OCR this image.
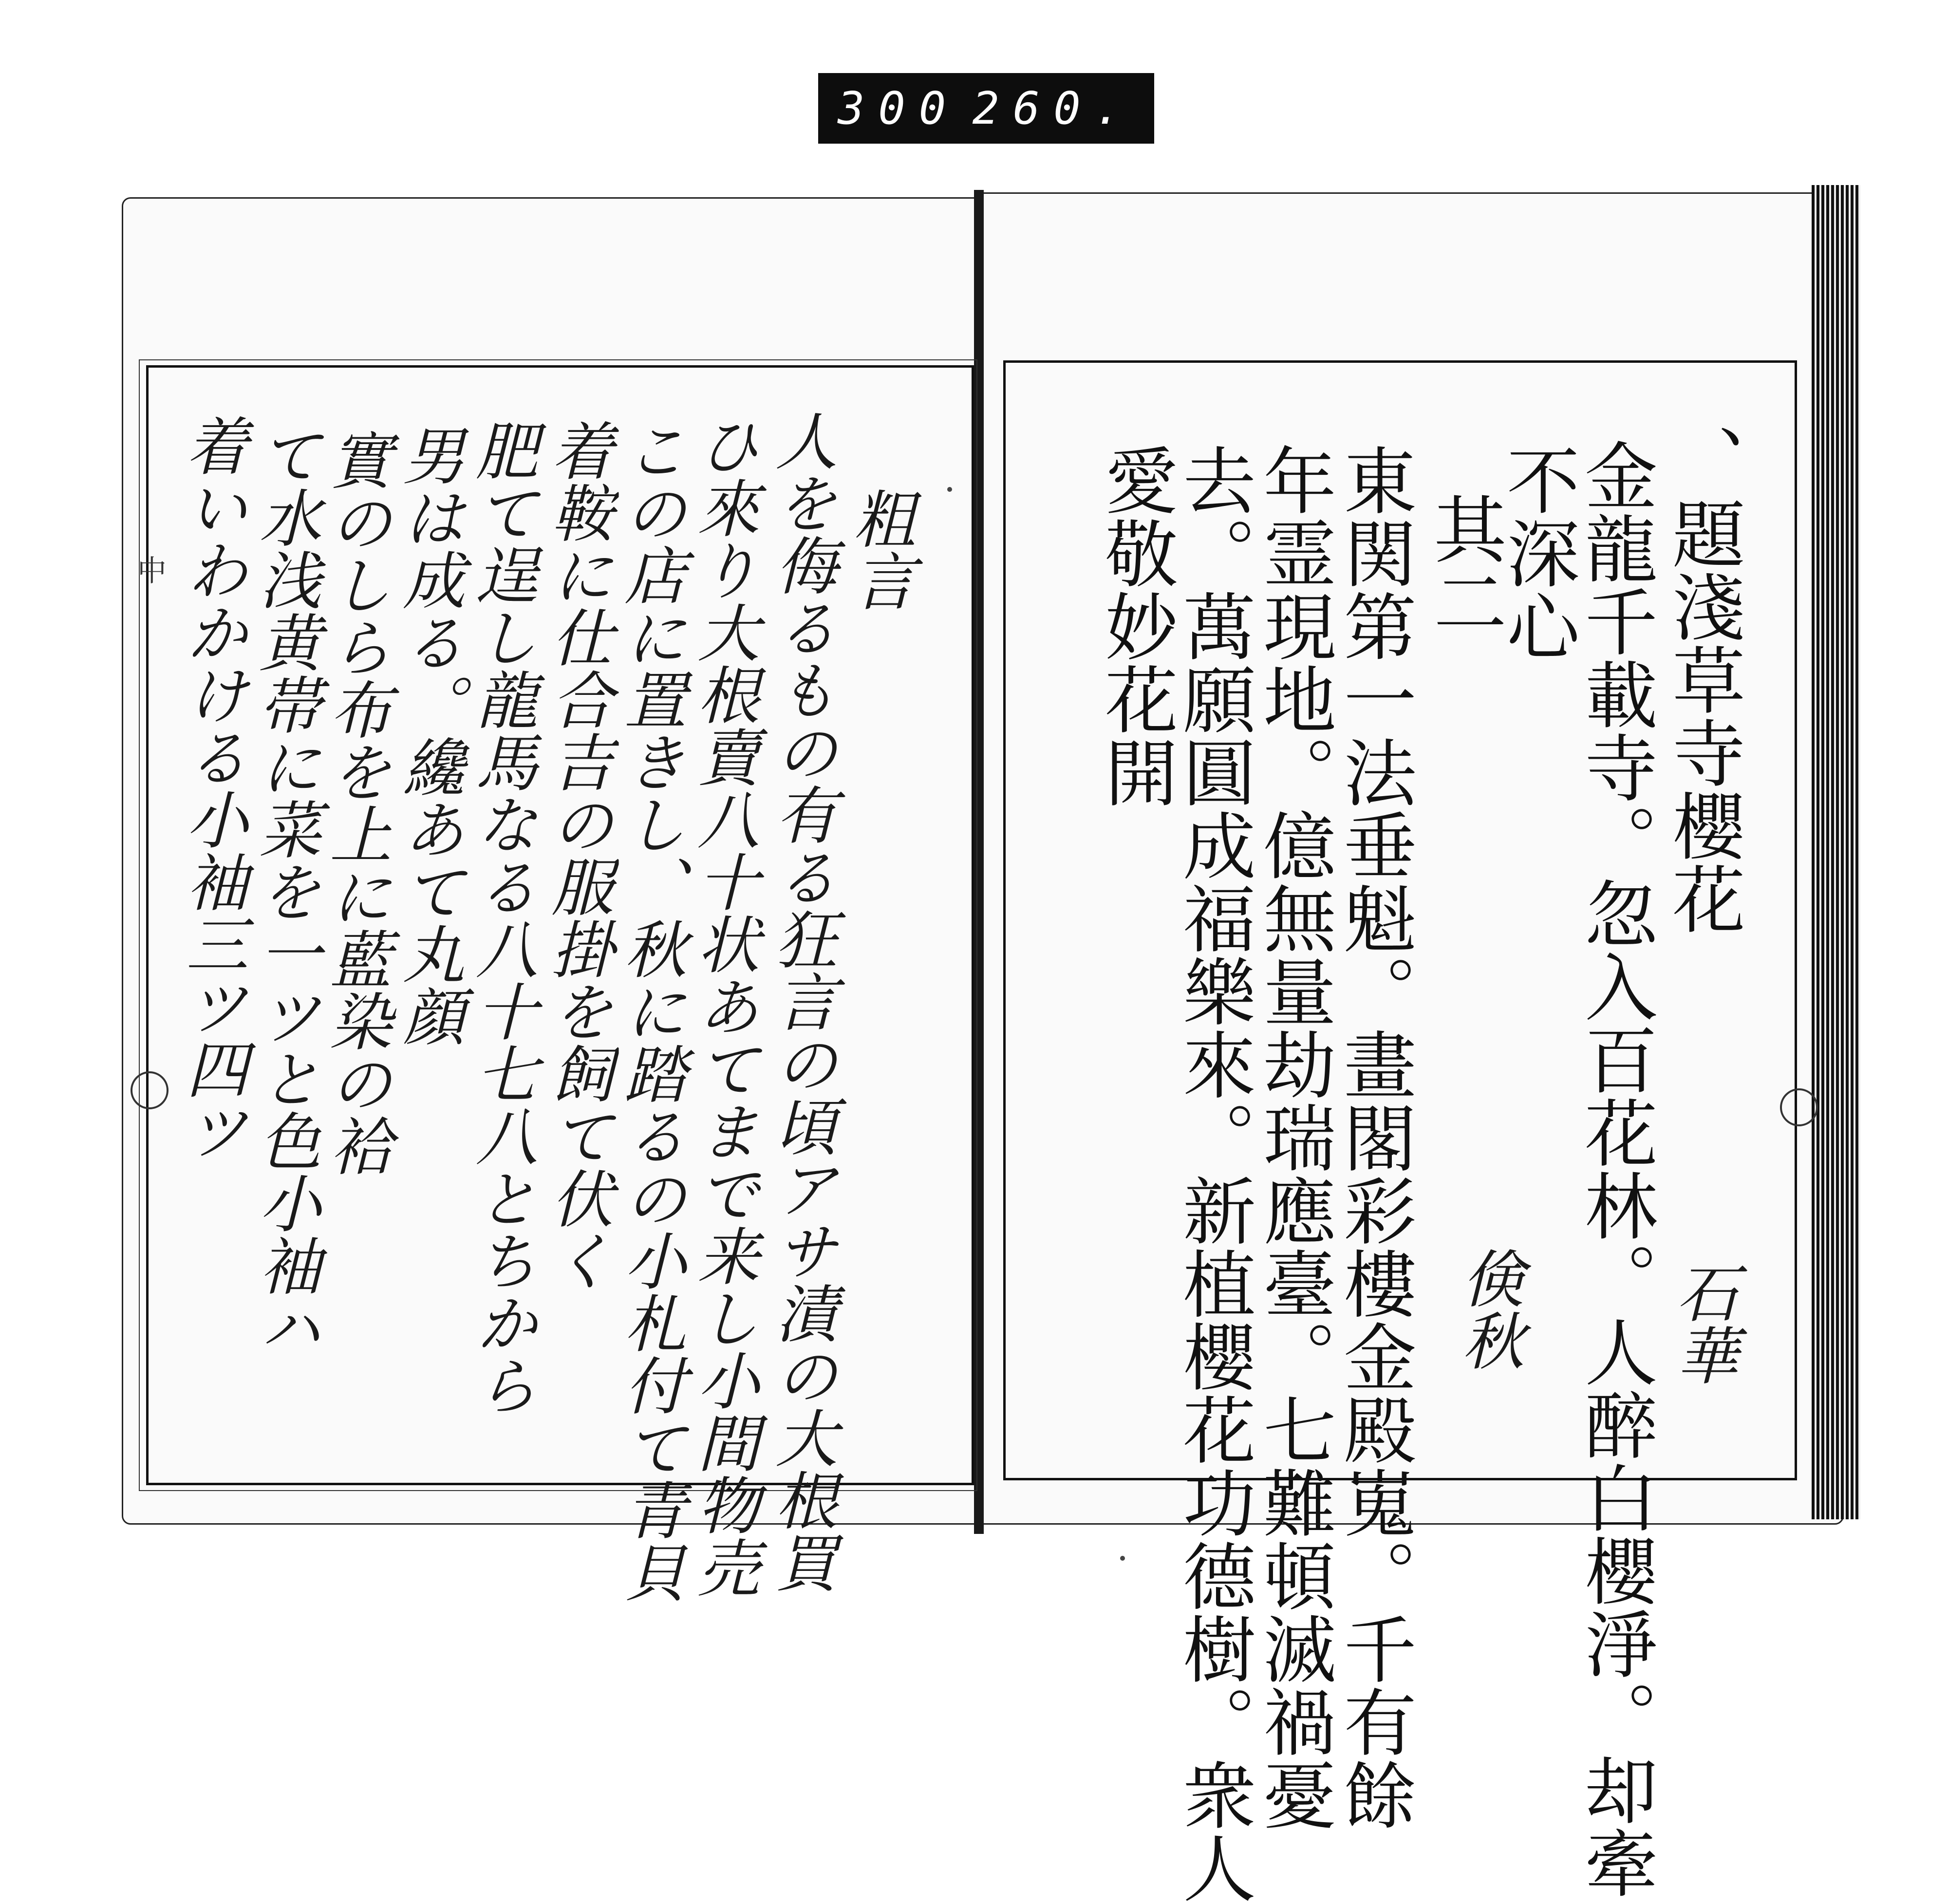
300 260.
中	、題淺草寺櫻花
金龍千載寺。忽入百花林。人醉白櫻淨。却牽
不深心
其二
東関第一法垂魁。畫閣彩樓金殿嵬。千有餘
年霊現地。億無量劫瑞應臺。七難頓滅禍憂
去。萬願圓成福樂來。新植櫻花功德樹。衆人
愛敬妙花開
石華
倹秋
粗言
人を侮るもの有る狂言の頃アサ漬の大根買
ひ來り大根賣八十状あてまで来し小間物売
この店に置きし、秋に踏るの小札付て青貝
着鞍に仕合吉の服掛を飼て伏く
肥て逞し龍馬なる八十七八とちから
男は成る。纔あて丸顔
實のしら布を上に藍染の袷
て水浅黄帯に菜を一ツと色小袖ハ
着いわかける小袖三ツ四ツ
